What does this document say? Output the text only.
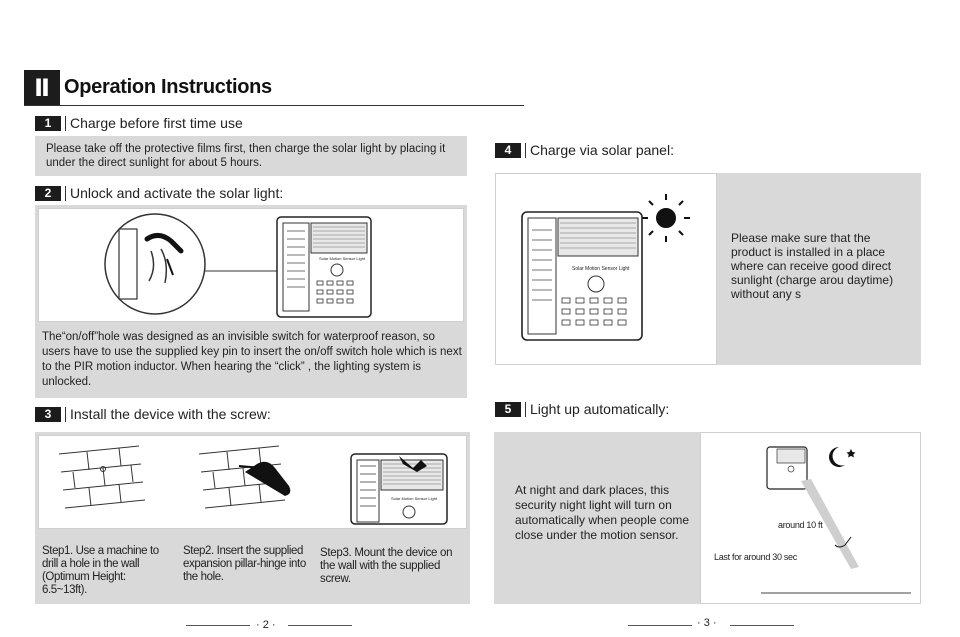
Ⅱ Operation Instructions
1	Charge before first time use
Please take off the protective films first, then charge the solar light by placing it under the direct sunlight for about 5 hours.
2	Unlock and activate the solar light:
Solar Motion Sensor Light
The“on/off”hole was designed as an invisible switch for waterproof reason, so users have to use the supplied key pin to insert the on/off switch hole which is next to the PIR motion inductor. When hearing the “click” , the lighting system is unlocked.
3	Install the device with the screw:
Solar Motion Sensor Light
Step1. Use a machine to drill a hole in the wall (Optimum Height: 6.5~13ft).
Step2. Insert the supplied expansion pillar-hinge into the hole.
Step3. Mount the device on the wall with the supplied screw.
4	Charge via solar panel:
Solar Motion Sensor Light
Please make sure that the product is installed in a place where can receive good direct sunlight (charge arou daytime) without any s
5	Light up automatically:
At night and dark places, this security night light will turn on automatically when people come close under the motion sensor.
around 10 ft
Last for around 30 sec
· 2 ·	· 3 ·
